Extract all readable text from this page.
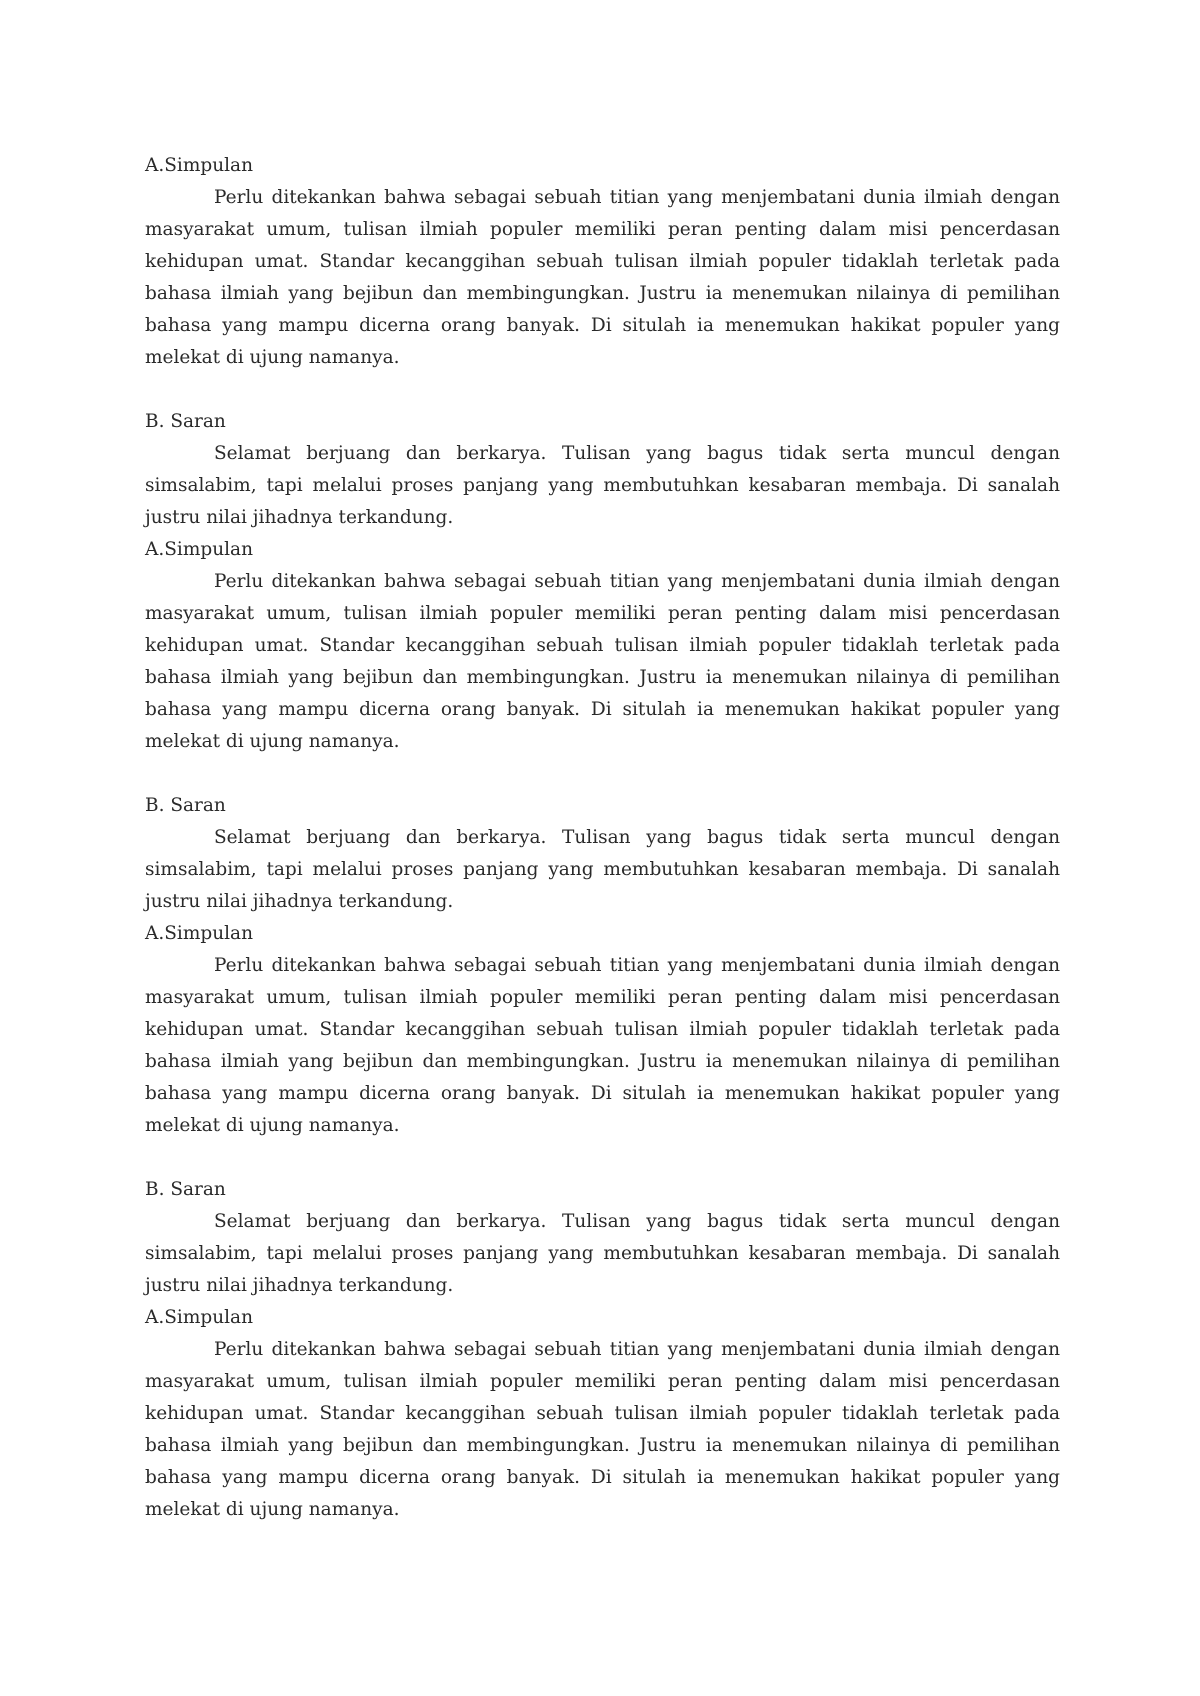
A.Simpulan

Perlu ditekankan bahwa sebagai sebuah titian yang menjembatani dunia ilmiah dengan masyarakat umum, tulisan ilmiah populer memiliki peran penting dalam misi pencerdasan kehidupan umat. Standar kecanggihan sebuah tulisan ilmiah populer tidaklah terletak pada bahasa ilmiah yang bejibun dan membingungkan. Justru ia menemukan nilainya di pemilihan bahasa yang mampu dicerna orang banyak. Di situlah ia menemukan hakikat populer yang melekat di ujung namanya.

B. Saran

Selamat berjuang dan berkarya. Tulisan yang bagus tidak serta muncul dengan simsalabim, tapi melalui proses panjang yang membutuhkan kesabaran membaja. Di sanalah justru nilai jihadnya terkandung.

A.Simpulan

Perlu ditekankan bahwa sebagai sebuah titian yang menjembatani dunia ilmiah dengan masyarakat umum, tulisan ilmiah populer memiliki peran penting dalam misi pencerdasan kehidupan umat. Standar kecanggihan sebuah tulisan ilmiah populer tidaklah terletak pada bahasa ilmiah yang bejibun dan membingungkan. Justru ia menemukan nilainya di pemilihan bahasa yang mampu dicerna orang banyak. Di situlah ia menemukan hakikat populer yang melekat di ujung namanya.

B. Saran

Selamat berjuang dan berkarya. Tulisan yang bagus tidak serta muncul dengan simsalabim, tapi melalui proses panjang yang membutuhkan kesabaran membaja. Di sanalah justru nilai jihadnya terkandung.

A.Simpulan

Perlu ditekankan bahwa sebagai sebuah titian yang menjembatani dunia ilmiah dengan masyarakat umum, tulisan ilmiah populer memiliki peran penting dalam misi pencerdasan kehidupan umat. Standar kecanggihan sebuah tulisan ilmiah populer tidaklah terletak pada bahasa ilmiah yang bejibun dan membingungkan. Justru ia menemukan nilainya di pemilihan bahasa yang mampu dicerna orang banyak. Di situlah ia menemukan hakikat populer yang melekat di ujung namanya.

B. Saran

Selamat berjuang dan berkarya. Tulisan yang bagus tidak serta muncul dengan simsalabim, tapi melalui proses panjang yang membutuhkan kesabaran membaja. Di sanalah justru nilai jihadnya terkandung.

A.Simpulan

Perlu ditekankan bahwa sebagai sebuah titian yang menjembatani dunia ilmiah dengan masyarakat umum, tulisan ilmiah populer memiliki peran penting dalam misi pencerdasan kehidupan umat. Standar kecanggihan sebuah tulisan ilmiah populer tidaklah terletak pada bahasa ilmiah yang bejibun dan membingungkan. Justru ia menemukan nilainya di pemilihan bahasa yang mampu dicerna orang banyak. Di situlah ia menemukan hakikat populer yang melekat di ujung namanya.
